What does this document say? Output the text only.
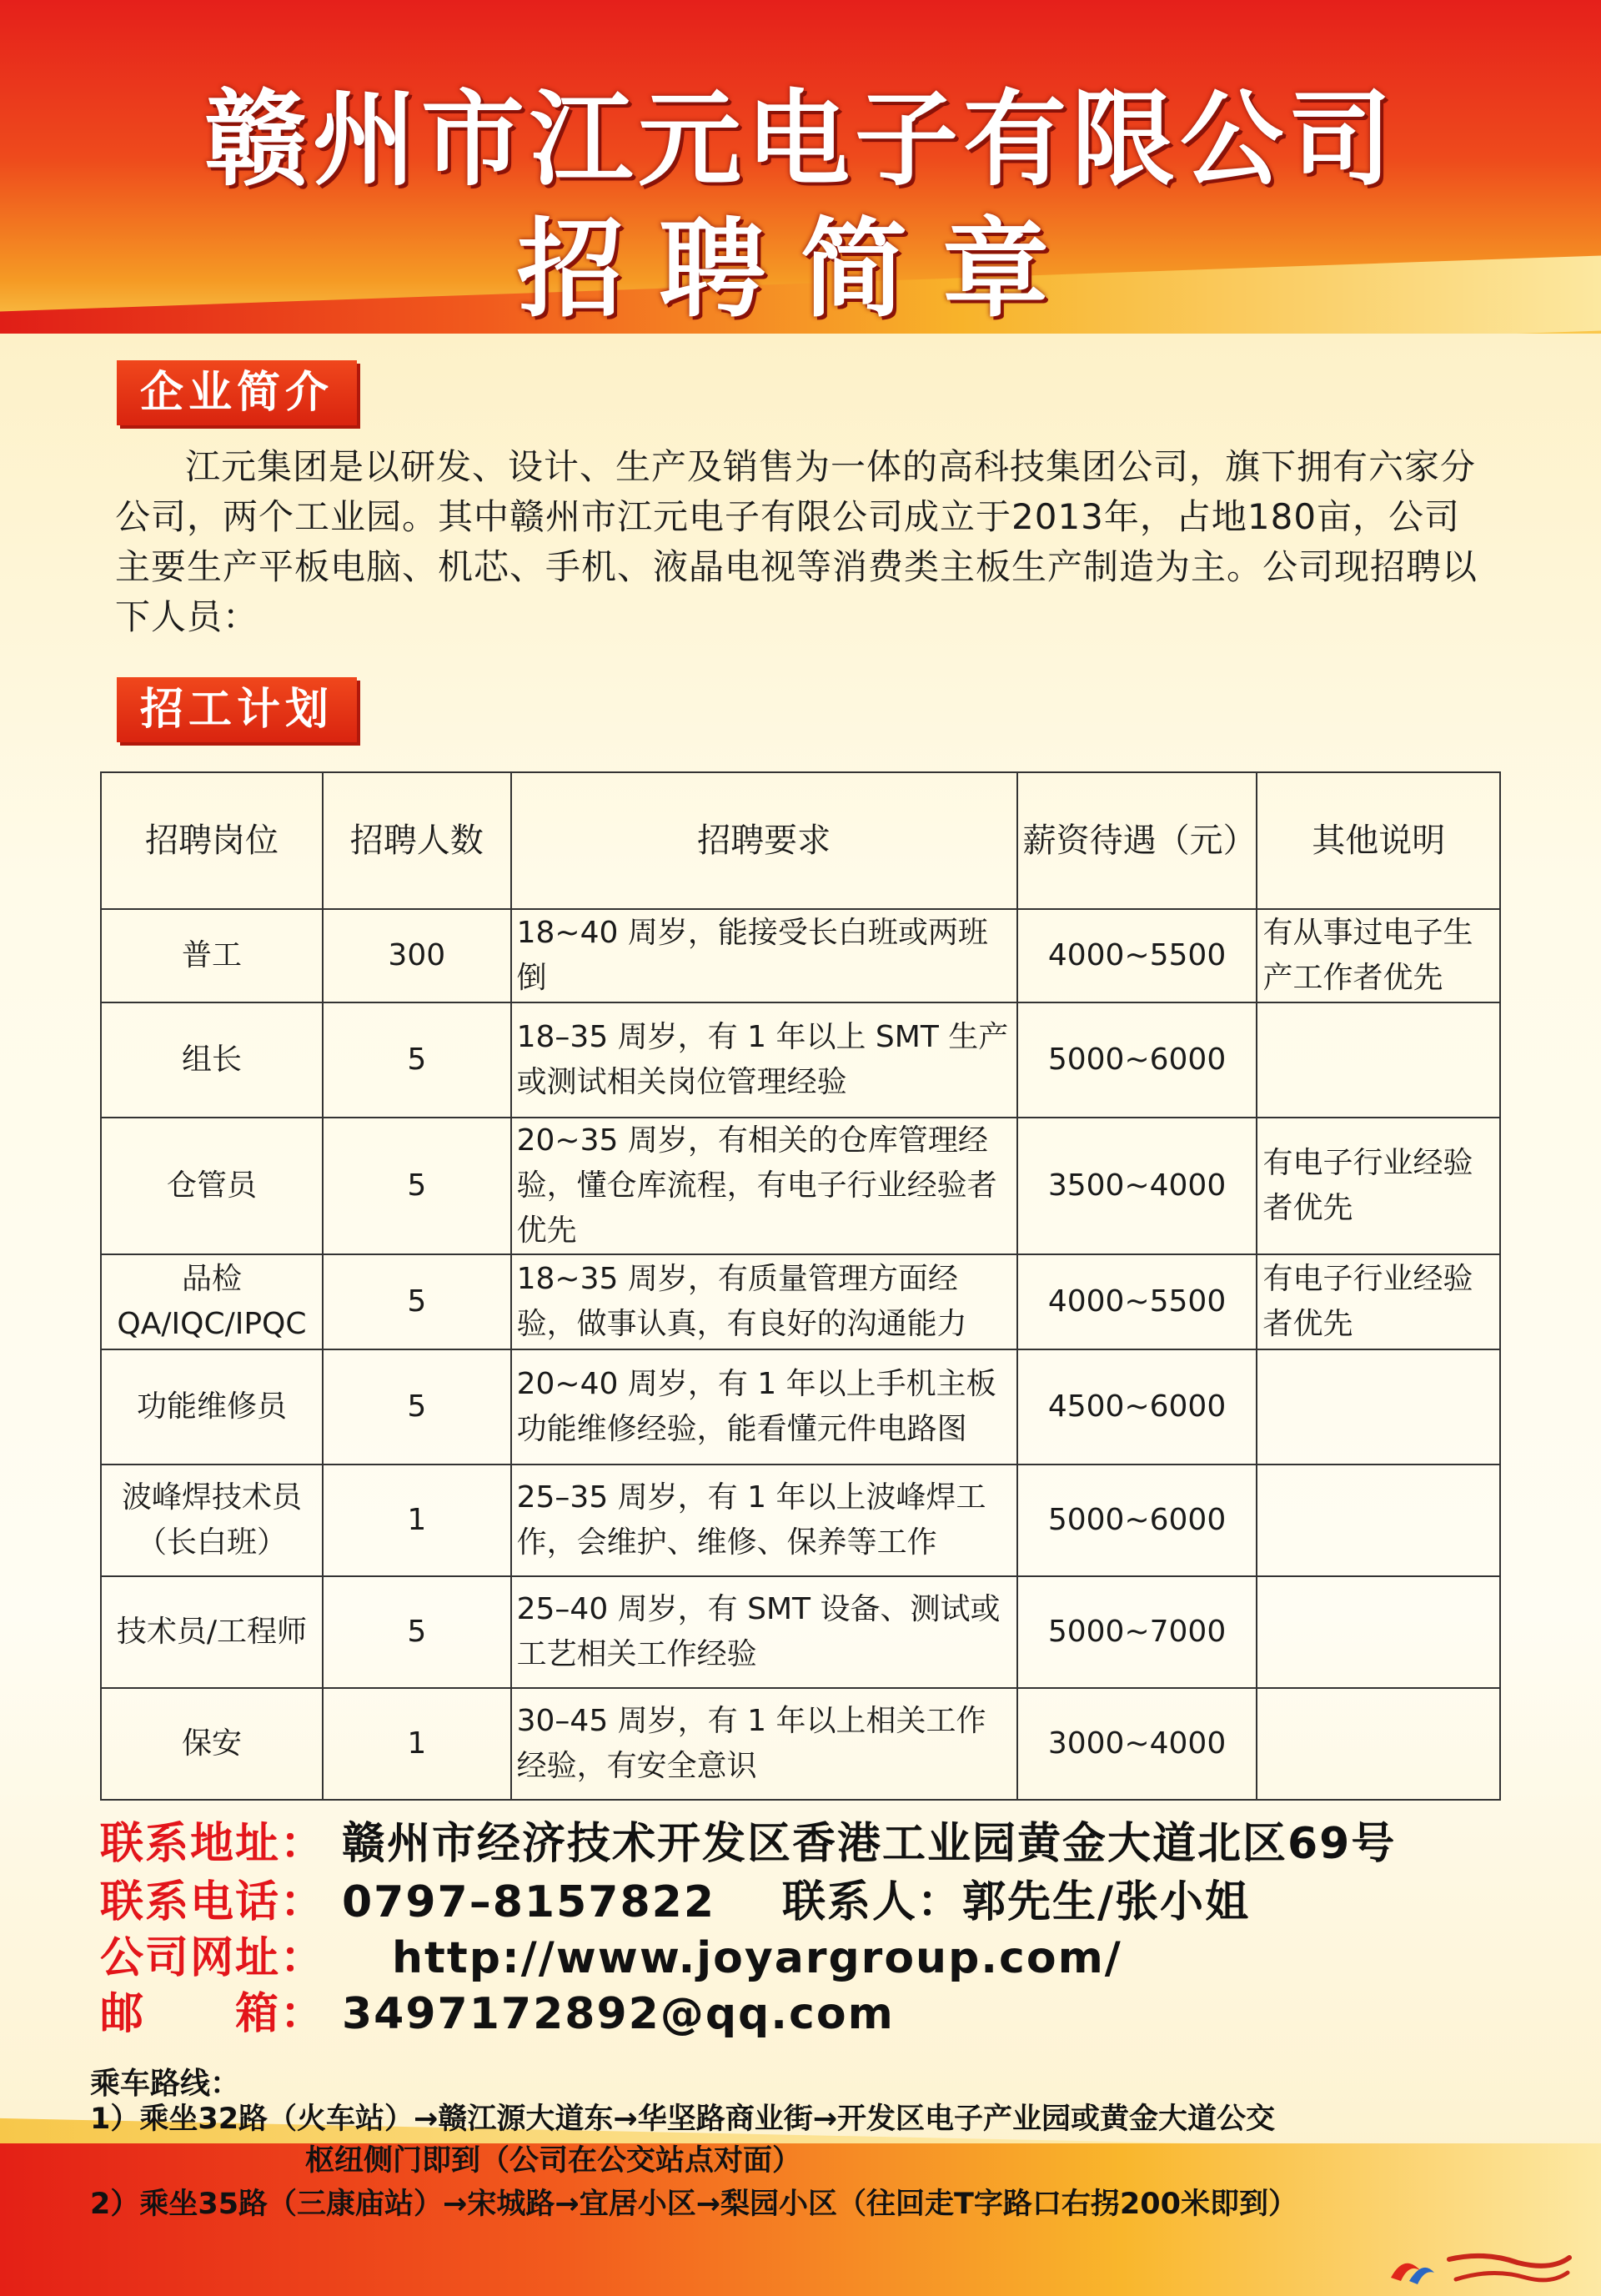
赣州市江元电子有限公司
招聘简章
企业简介

江元集团是以研发、设计、生产及销售为一体的高科技集团公司，旗下拥有六家分公司，两个工业园。其中赣州市江元电子有限公司成立于2013年，占地180亩，公司主要生产平板电脑、机芯、手机、液晶电视等消费类主板生产制造为主。公司现招聘以下人员：

招工计划
招聘岗位	招聘人数	招聘要求	薪资待遇（元）	其他说明
普工	300	18~40 周岁，能接受长白班或两班倒	4000~5500	有从事过电子生产工作者优先
组长	5	18–35 周岁，有 1 年以上 SMT 生产或测试相关岗位管理经验	5000~6000	
仓管员	5	20~35 周岁，有相关的仓库管理经验，懂仓库流程，有电子行业经验者优先	3500~4000	有电子行业经验者优先
品检 QA/IQC/IPQC	5	18~35 周岁，有质量管理方面经验，做事认真，有良好的沟通能力	4000~5500	有电子行业经验者优先
功能维修员	5	20~40 周岁，有 1 年以上手机主板功能维修经验，能看懂元件电路图	4500~6000	
波峰焊技术员（长白班）	1	25–35 周岁，有 1 年以上波峰焊工作，会维护、维修、保养等工作	5000~6000	
技术员/工程师	5	25–40 周岁，有 SMT 设备、测试或工艺相关工作经验	5000~7000	
保安	1	30–45 周岁，有 1 年以上相关工作经验，有安全意识	3000~4000	
联系地址： 赣州市经济技术开发区香港工业园黄金大道北区69号
联系电话： 0797–8157822 联系人：郭先生/张小姐
公司网址： http://www.joyargroup.com/
邮　　箱： 3497172892@qq.com
乘车路线：
1）乘坐32路（火车站）→赣江源大道东→华坚路商业街→开发区电子产业园或黄金大道公交
枢纽侧门即到（公司在公交站点对面）
2）乘坐35路（三康庙站）→宋城路→宜居小区→梨园小区（往回走T字路口右拐200米即到）
